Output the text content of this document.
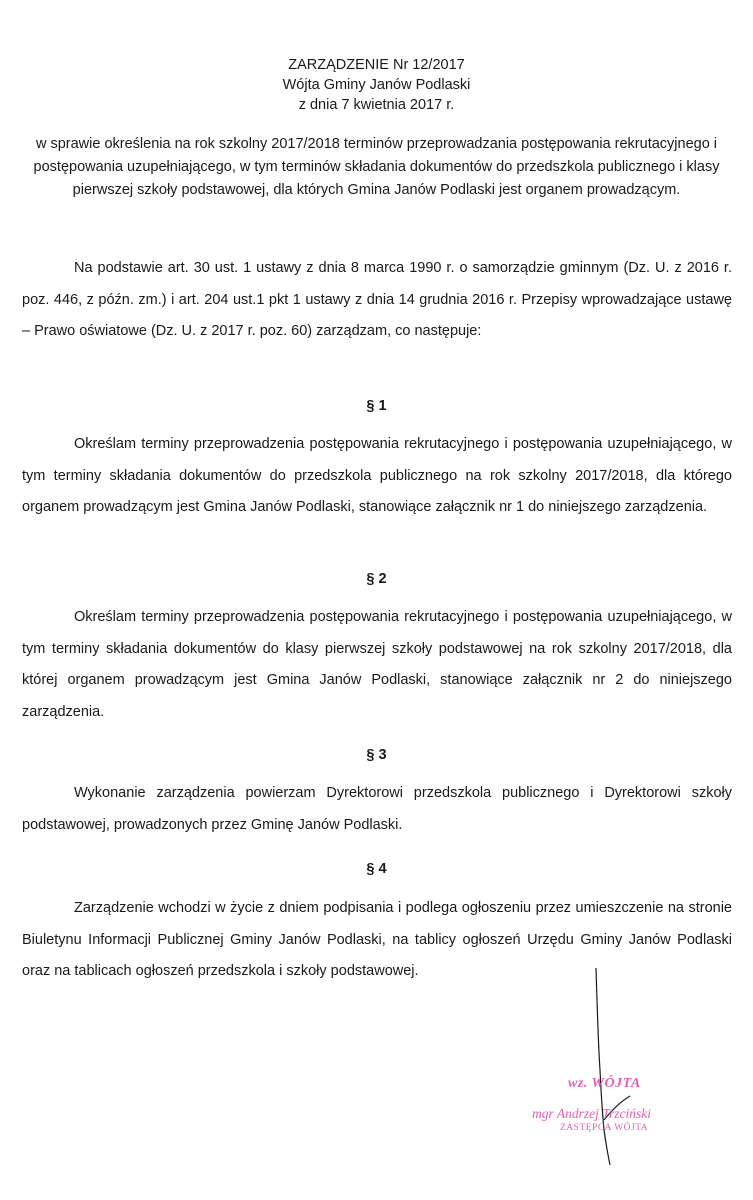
ZARZĄDZENIE Nr 12/2017
Wójta Gminy Janów Podlaski
z dnia 7 kwietnia 2017 r.
w sprawie określenia na rok szkolny 2017/2018 terminów przeprowadzania postępowania rekrutacyjnego i postępowania uzupełniającego, w tym terminów składania dokumentów do przedszkola publicznego i klasy pierwszej szkoły podstawowej, dla których Gmina Janów Podlaski jest organem prowadzącym.
Na podstawie art. 30 ust. 1 ustawy z dnia 8 marca 1990 r. o samorządzie gminnym (Dz. U. z 2016 r. poz. 446, z późn. zm.) i art. 204 ust.1 pkt 1 ustawy z dnia 14 grudnia 2016 r. Przepisy wprowadzające ustawę – Prawo oświatowe (Dz. U. z 2017 r. poz. 60) zarządzam, co następuje:
§ 1
Określam terminy przeprowadzenia postępowania rekrutacyjnego i postępowania uzupełniającego, w tym terminy składania dokumentów do przedszkola publicznego na rok szkolny 2017/2018, dla którego organem prowadzącym jest Gmina Janów Podlaski, stanowiące załącznik nr 1 do niniejszego zarządzenia.
§ 2
Określam terminy przeprowadzenia postępowania rekrutacyjnego i postępowania uzupełniającego, w tym terminy składania dokumentów do klasy pierwszej szkoły podstawowej na rok szkolny 2017/2018, dla której organem prowadzącym jest Gmina Janów Podlaski, stanowiące załącznik nr 2 do niniejszego zarządzenia.
§ 3
Wykonanie zarządzenia powierzam Dyrektorowi przedszkola publicznego i Dyrektorowi szkoły podstawowej, prowadzonych przez Gminę Janów Podlaski.
§ 4
Zarządzenie wchodzi w życie z dniem podpisania i podlega ogłoszeniu przez umieszczenie na stronie Biuletynu Informacji Publicznej Gminy Janów Podlaski, na tablicy ogłoszeń Urzędu Gminy Janów Podlaski oraz na tablicach ogłoszeń przedszkola i szkoły podstawowej.
wz. WÓJTA
mgr Andrzej Trzciński
ZASTĘPCA WÓJTA
